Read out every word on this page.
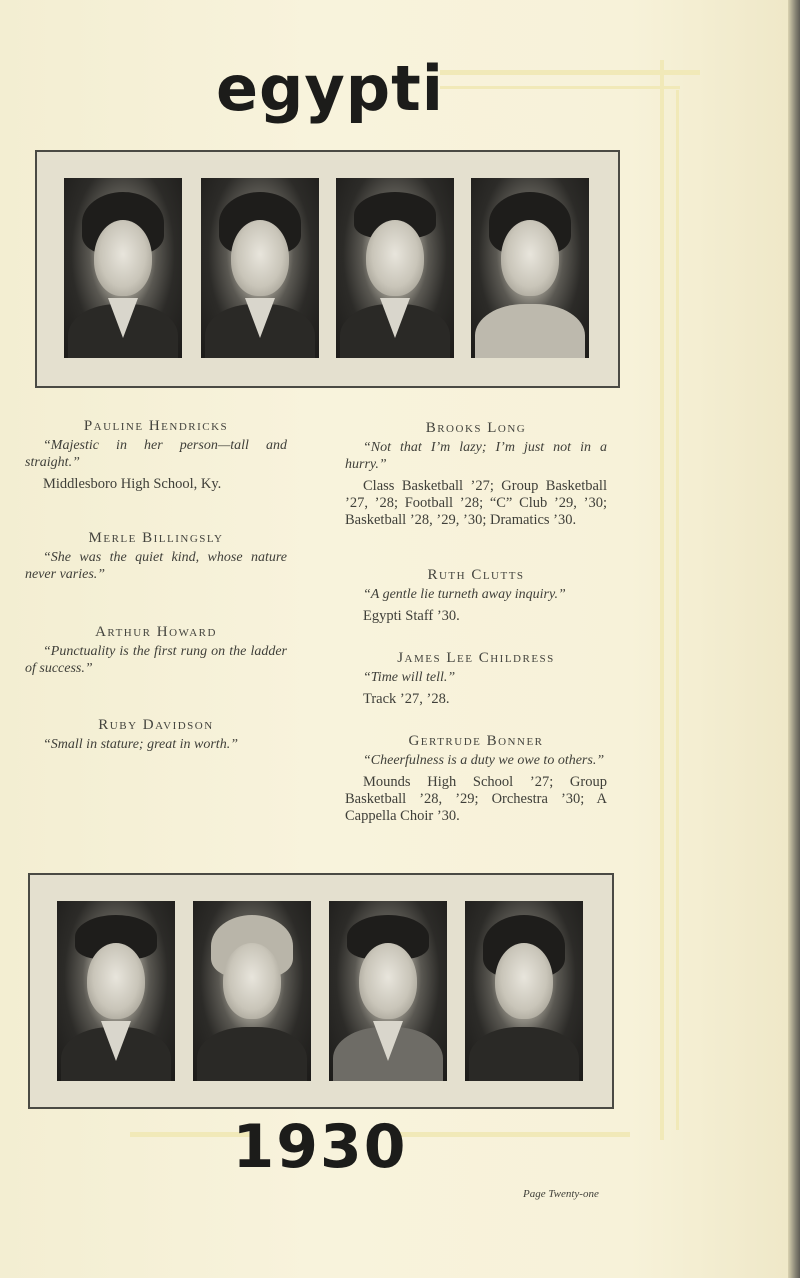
egypti
Pauline Hendricks
“Majestic in her person—tall and straight.”
Middlesboro High School, Ky.
Merle Billingsly
“She was the quiet kind, whose nature never varies.”
Arthur Howard
“Punctuality is the first rung on the ladder of success.”
Ruby Davidson
“Small in stature; great in worth.”
Brooks Long
“Not that I’m lazy; I’m just not in a hurry.”
Class Basketball ’27; Group Basketball ’27, ’28; Football ’28; “C” Club ’29, ’30; Basketball ’28, ’29, ’30; Dramatics ’30.
Ruth Clutts
“A gentle lie turneth away inquiry.”
Egypti Staff ’30.
James Lee Childress
“Time will tell.”
Track ’27, ’28.
Gertrude Bonner
“Cheerfulness is a duty we owe to others.”
Mounds High School ’27; Group Basketball ’28, ’29; Orchestra ’30; A Cappella Choir ’30.
1930
Page Twenty-one
